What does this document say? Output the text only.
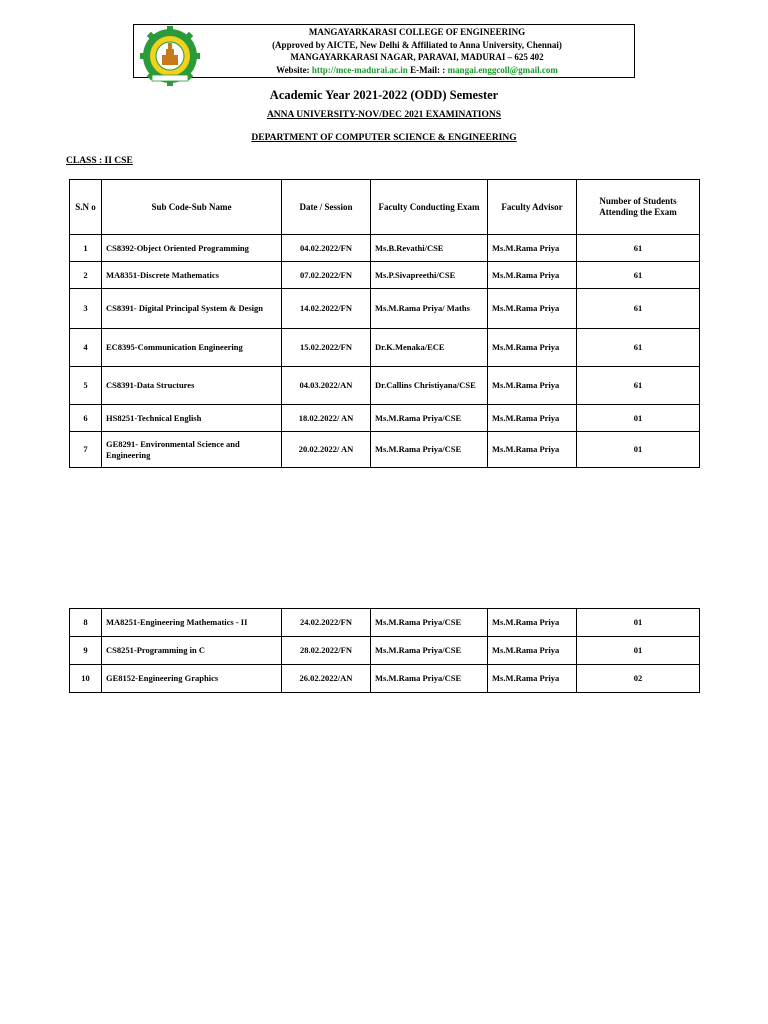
MANGAYARKARASI COLLEGE OF ENGINEERING
(Approved by AICTE, New Delhi & Affiliated to Anna University, Chennai)
MANGAYARKARASI NAGAR, PARAVAI, MADURAI – 625 402
Website: http://mce-madurai.ac.in E-Mail: : mangai.enggcoll@gmail.com
Academic Year 2021-2022 (ODD) Semester
ANNA UNIVERSITY-NOV/DEC 2021 EXAMINATIONS
DEPARTMENT OF COMPUTER SCIENCE & ENGINEERING
CLASS : II CSE
S.N o	Sub Code-Sub Name	Date / Session	Faculty Conducting Exam	Faculty Advisor	Number of Students Attending the Exam
1	CS8392-Object Oriented Programming	04.02.2022/FN	Ms.B.Revathi/CSE	Ms.M.Rama Priya	61
2	MA8351-Discrete Mathematics	07.02.2022/FN	Ms.P.Sivapreethi/CSE	Ms.M.Rama Priya	61
3	CS8391- Digital Principal System & Design	14.02.2022/FN	Ms.M.Rama Priya/ Maths	Ms.M.Rama Priya	61
4	EC8395-Communication Engineering	15.02.2022/FN	Dr.K.Menaka/ECE	Ms.M.Rama Priya	61
5	CS8391-Data Structures	04.03.2022/AN	Dr.Callins Christiyana/CSE	Ms.M.Rama Priya	61
6	HS8251-Technical English	18.02.2022/ AN	Ms.M.Rama Priya/CSE	Ms.M.Rama Priya	01
7	GE8291- Environmental Science and Engineering	20.02.2022/ AN	Ms.M.Rama Priya/CSE	Ms.M.Rama Priya	01
8	MA8251-Engineering Mathematics - II	24.02.2022/FN	Ms.M.Rama Priya/CSE	Ms.M.Rama Priya	01
9	CS8251-Programming in C	28.02.2022/FN	Ms.M.Rama Priya/CSE	Ms.M.Rama Priya	01
10	GE8152-Engineering Graphics	26.02.2022/AN	Ms.M.Rama Priya/CSE	Ms.M.Rama Priya	02
